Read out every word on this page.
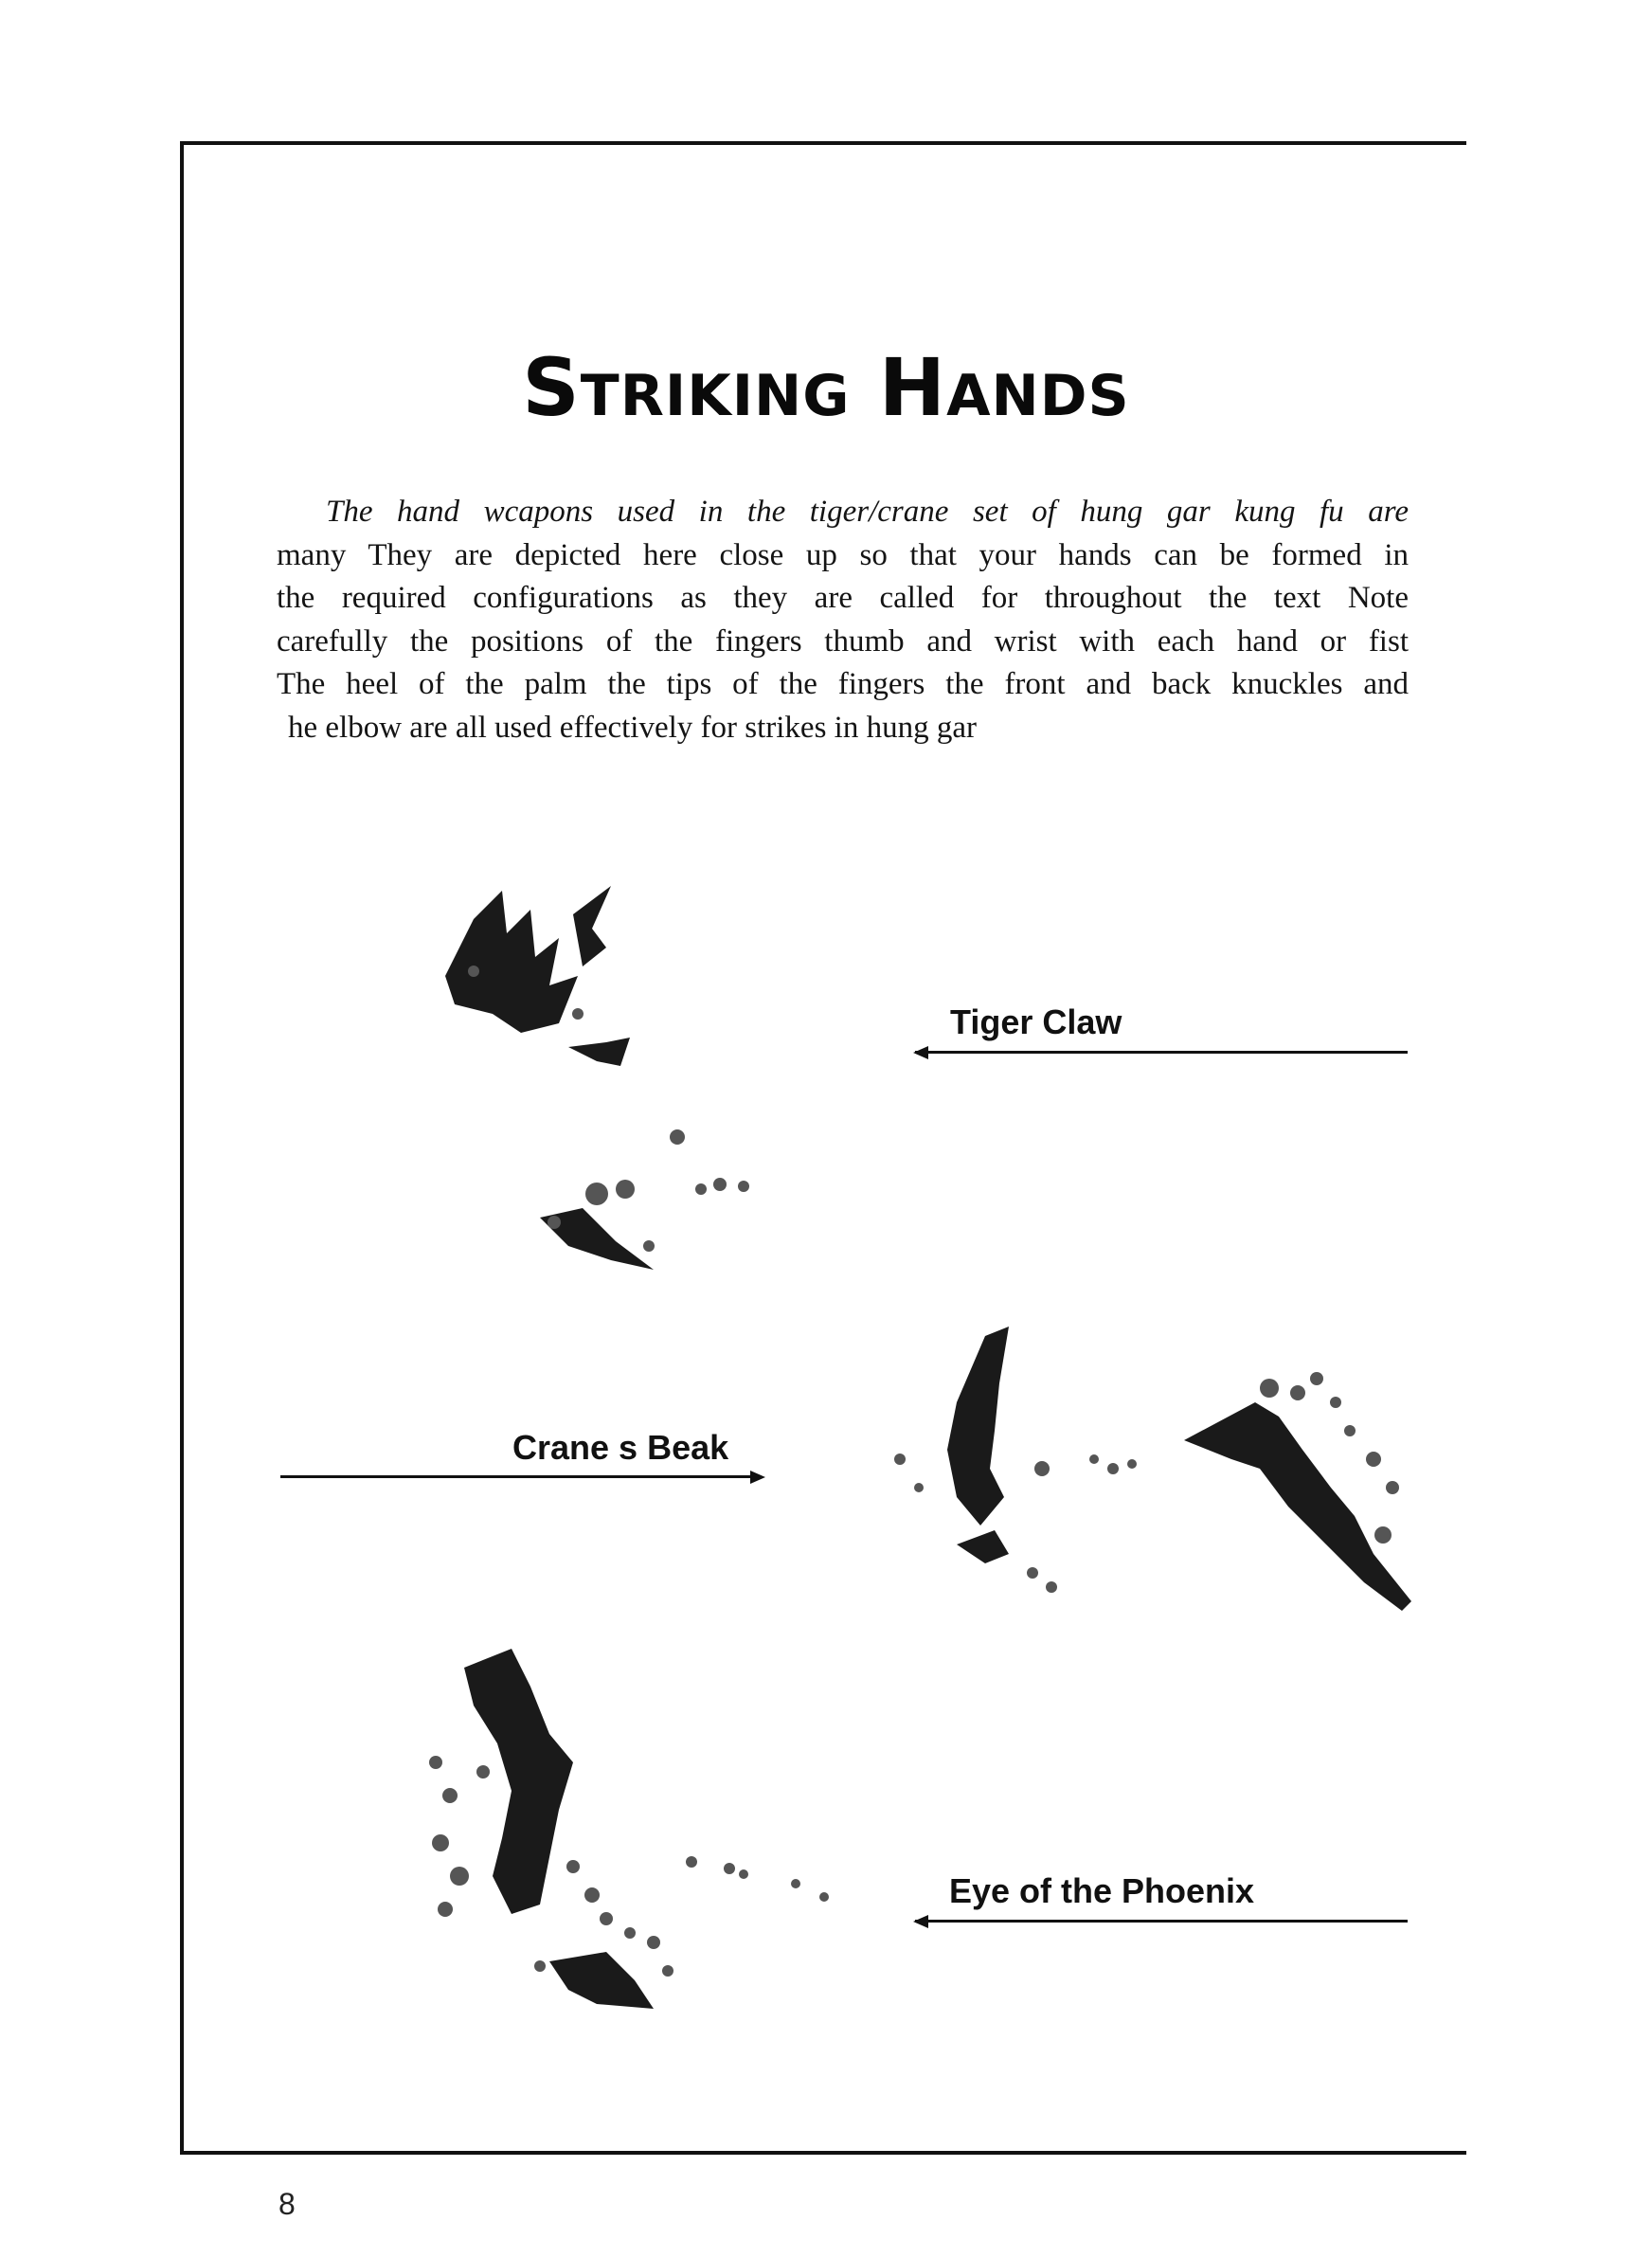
STRIKING HANDS
The hand wcapons used in the tiger/crane set of hung gar kung fu are
many They are depicted here close up so that your hands can be formed in
the required configurations as they are called for throughout the text Note
carefully the positions of the fingers thumb and wrist with each hand or fist
The heel of the palm the tips of the fingers the front and back knuckles and
he elbow are all used effectively for strikes in hung gar
Tiger Claw
Crane s Beak
Eye of the Phoenix
8
